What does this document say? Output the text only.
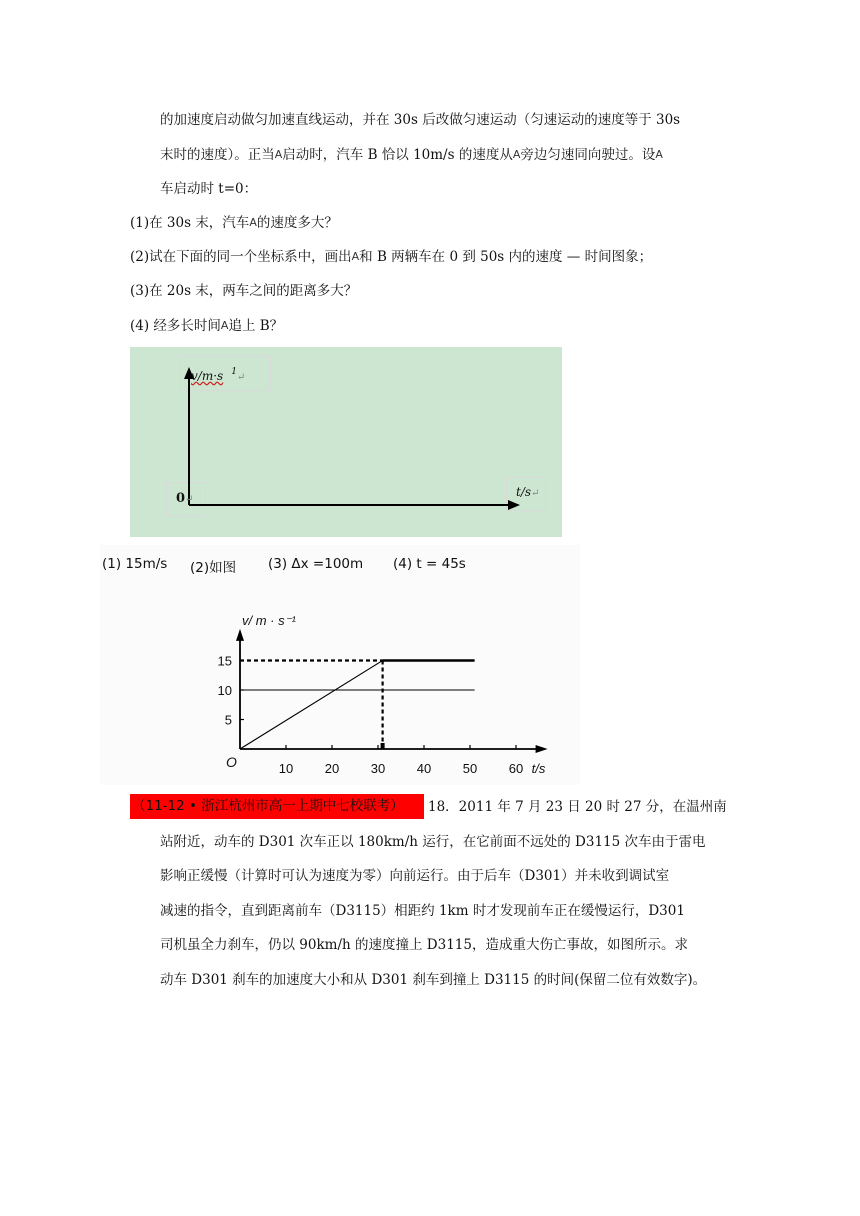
的加速度启动做匀加速直线运动，并在 30s 后改做匀速运动（匀速运动的速度等于 30s
末时的速度）。正当A启动时，汽车 B 恰以 10m/s 的速度从A旁边匀速同向驶过。设A
车启动时 t=0：
(1)在 30s 末，汽车A的速度多大？
(2)试在下面的同一个坐标系中，画出A和 B 两辆车在 0 到 50s 内的速度 — 时间图象；
(3)在 20s 末，两车之间的距离多大？
(4) 经多长时间A追上 B？
v/m·s $^1$↵
0↵
t/s↵
(1) 15m/s (2)如图 (3) Δx =100m (4) t = 45s
10 20 30 40 50 60
5
10
15
O	t/s
v/ m · s⁻¹
（11-12 • 浙江杭州市高一上期中七校联考）	18．2011 年 7 月 23 日 20 时 27 分，在温州南
站附近，动车的 D301 次车正以 180km/h 运行，在它前面不远处的 D3115 次车由于雷电
影响正缓慢（计算时可认为速度为零）向前运行。由于后车（D301）并未收到调试室
减速的指令，直到距离前车（D3115）相距约 1km 时才发现前车正在缓慢运行，D301
司机虽全力刹车，仍以 90km/h 的速度撞上 D3115，造成重大伤亡事故，如图所示。求
动车 D301 刹车的加速度大小和从 D301 刹车到撞上 D3115 的时间(保留二位有效数字)。
